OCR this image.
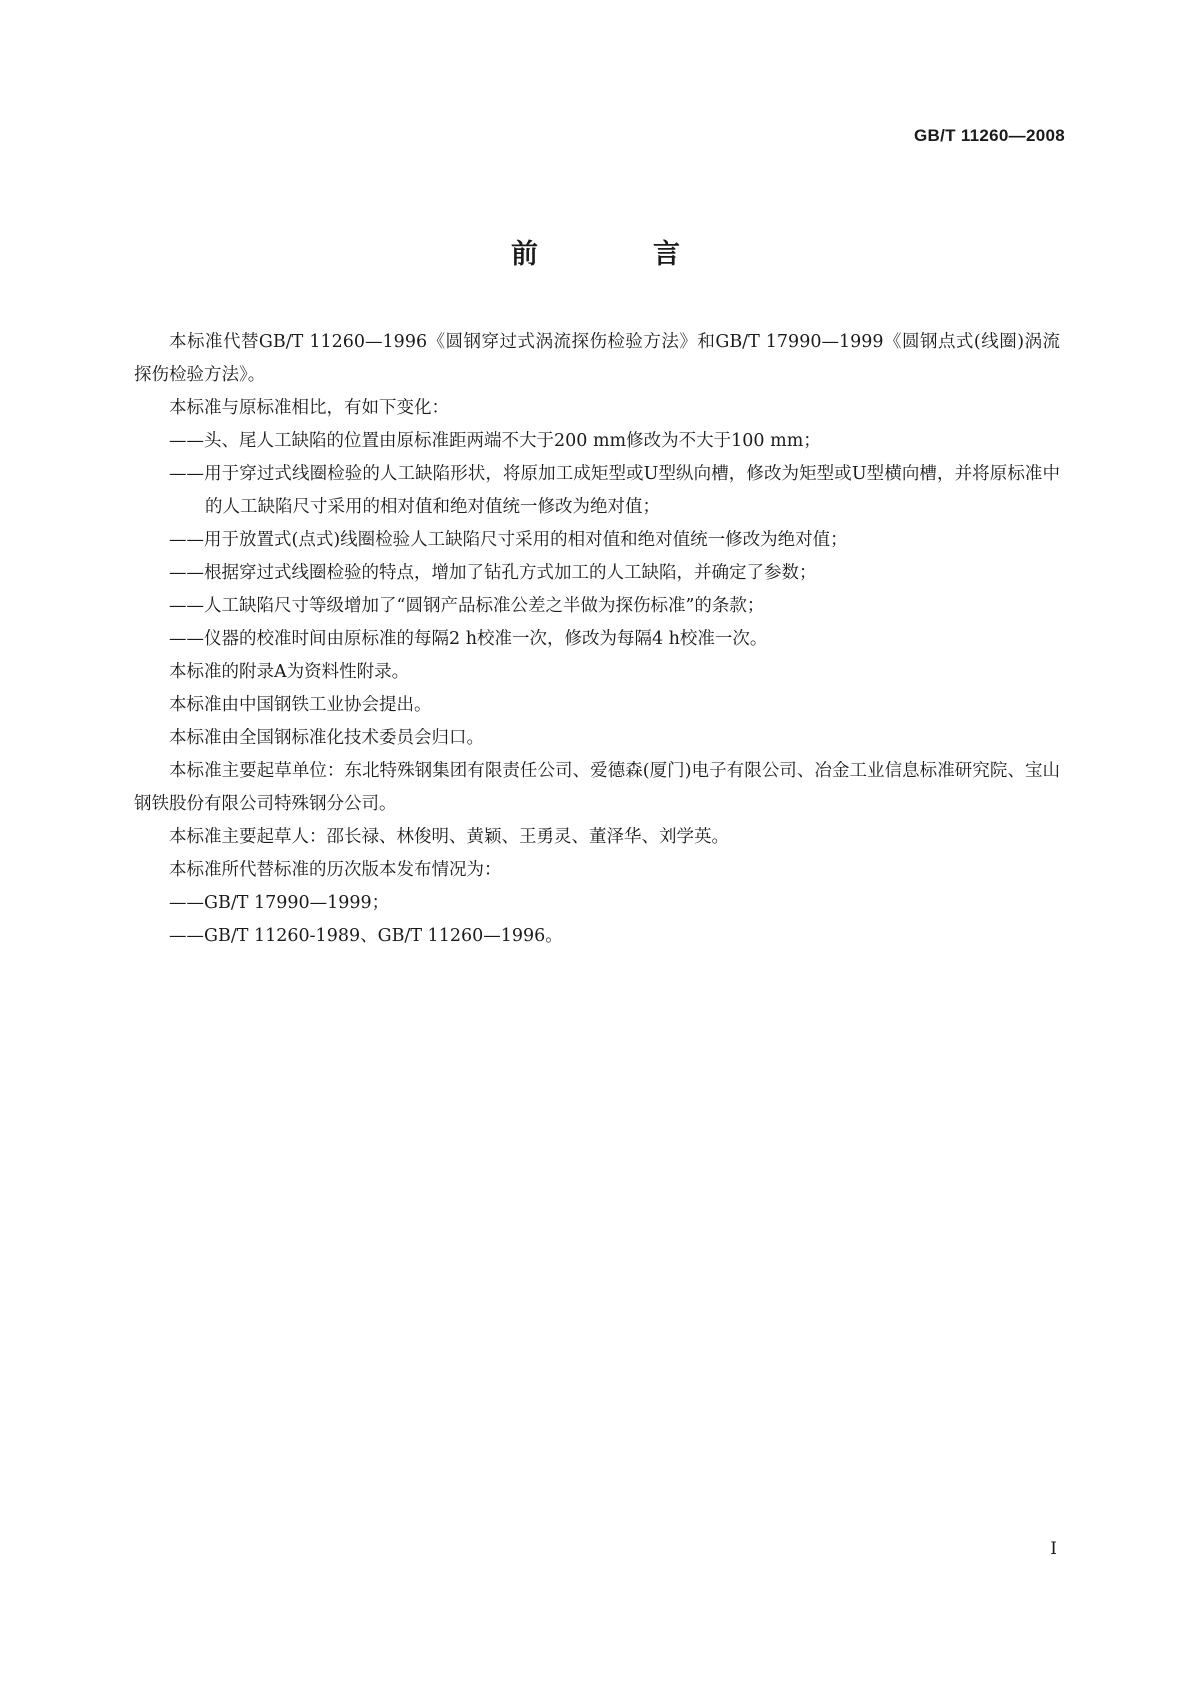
GB/T 11260—2008
前　言

本标准代替GB/T 11260—1996《圆钢穿过式涡流探伤检验方法》和GB/T 17990—1999《圆钢点式(线圈)涡流探伤检验方法》。

本标准与原标准相比，有如下变化：

——头、尾人工缺陷的位置由原标准距两端不大于200 mm修改为不大于100 mm；

——用于穿过式线圈检验的人工缺陷形状，将原加工成矩型或U型纵向槽，修改为矩型或U型横向槽，并将原标准中的人工缺陷尺寸采用的相对值和绝对值统一修改为绝对值；

——用于放置式(点式)线圈检验人工缺陷尺寸采用的相对值和绝对值统一修改为绝对值；

——根据穿过式线圈检验的特点，增加了钻孔方式加工的人工缺陷，并确定了参数；

——人工缺陷尺寸等级增加了“圆钢产品标准公差之半做为探伤标准”的条款；

——仪器的校准时间由原标准的每隔2 h校准一次，修改为每隔4 h校准一次。

本标准的附录A为资料性附录。

本标准由中国钢铁工业协会提出。

本标准由全国钢标准化技术委员会归口。

本标准主要起草单位：东北特殊钢集团有限责任公司、爱德森(厦门)电子有限公司、冶金工业信息标准研究院、宝山钢铁股份有限公司特殊钢分公司。

本标准主要起草人：邵长禄、林俊明、黄颖、王勇灵、董泽华、刘学英。

本标准所代替标准的历次版本发布情况为：

——GB/T 17990—1999；

——GB/T 11260-1989、GB/T 11260—1996。

I
